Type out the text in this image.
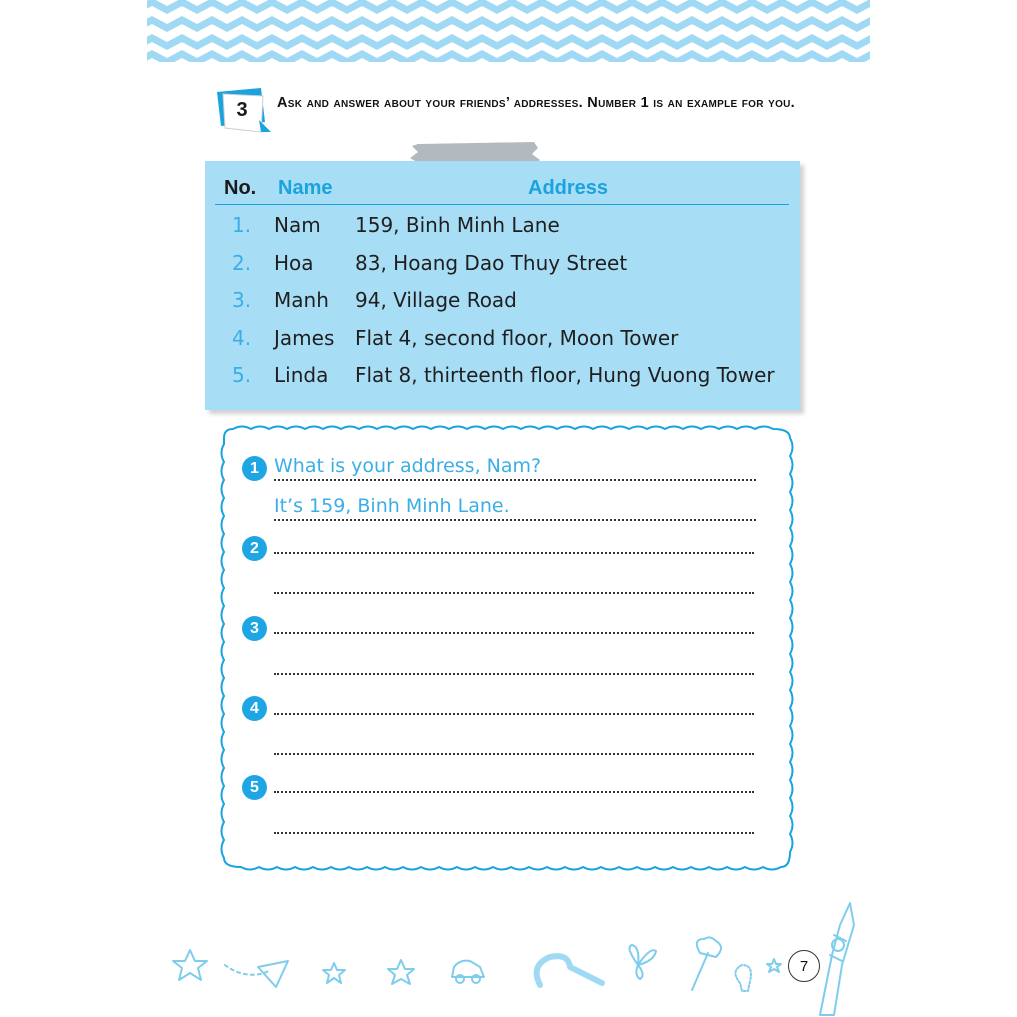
3	Ask and answer about your friends’ addresses. Number 1 is an example for you.
No. Name	Address
1. Nam 159, Binh Minh Lane
2. Hoa 83, Hoang Dao Thuy Street
3. Manh 94, Village Road
4. James Flat 4, second floor, Moon Tower
5. Linda Flat 8, thirteenth floor, Hung Vuong Tower
1 What is your address, Nam?
It’s 159, Binh Minh Lane.
2
3
4
5
7
